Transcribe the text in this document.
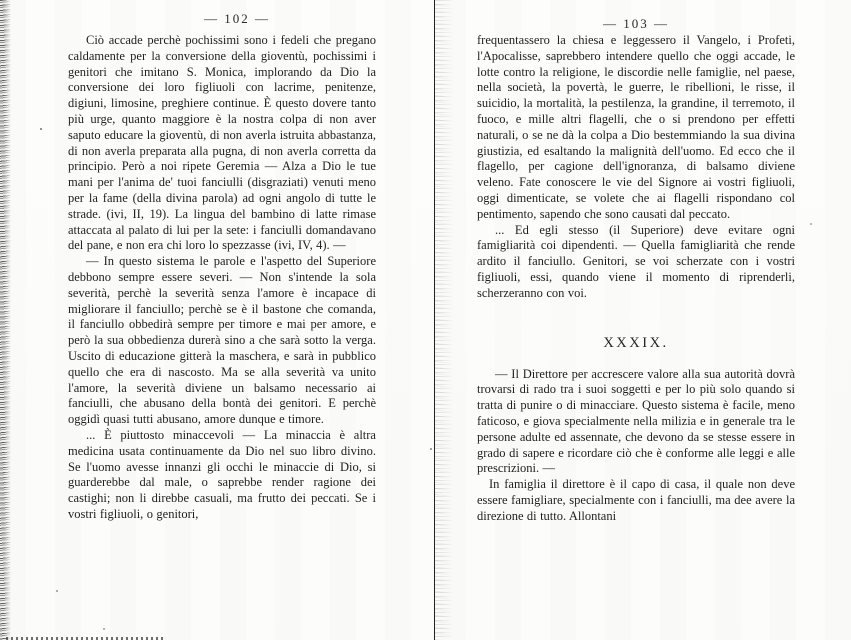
— 102 —

Ciò accade perchè pochissimi sono i fedeli che pregano caldamente per la conversione della gioventù, pochissimi i genitori che imitano S. Monica, implorando da Dio la conversione dei loro figliuoli con lacrime, penitenze, digiuni, limosine, preghiere continue. È questo dovere tanto più urge, quanto maggiore è la nostra colpa di non aver saputo educare la gioventù, di non averla istruita abbastanza, di non averla preparata alla pugna, di non averla corretta da principio. Però a noi ripete Geremia — Alza a Dio le tue mani per l'anima de' tuoi fanciulli (disgraziati) venuti meno per la fame (della divina parola) ad ogni angolo di tutte le strade. (ivi, II, 19). La lingua del bambino di latte rimase attaccata al palato di lui per la sete: i fanciulli domandavano del pane, e non era chi loro lo spezzasse (ivi, IV, 4). —

— In questo sistema le parole e l'aspetto del Superiore debbono sempre essere severi. — Non s'intende la sola severità, perchè la severità senza l'amore è incapace di migliorare il fanciullo; perchè se è il bastone che comanda, il fanciullo obbedirà sempre per timore e mai per amore, e però la sua obbedienza durerà sino a che sarà sotto la verga. Uscito di educazione gitterà la maschera, e sarà in pubblico quello che era di nascosto. Ma se alla severità va unito l'amore, la severità diviene un balsamo necessario ai fanciulli, che abusano della bontà dei genitori. E perchè oggidì quasi tutti abusano, amore dunque e timore.

... È piuttosto minaccevoli — La minaccia è altra medicina usata continuamente da Dio nel suo libro divino. Se l'uomo avesse innanzi gli occhi le minaccie di Dio, si guarderebbe dal male, o saprebbe render ragione dei castighi; non li direbbe casuali, ma frutto dei peccati. Se i vostri figliuoli, o genitori,

— 103 —

frequentassero la chiesa e leggessero il Vangelo, i Profeti, l'Apocalisse, saprebbero intendere quello che oggi accade, le lotte contro la religione, le discordie nelle famiglie, nel paese, nella società, la povertà, le guerre, le ribellioni, le risse, il suicidio, la mortalità, la pestilenza, la grandine, il terremoto, il fuoco, e mille altri flagelli, che o si prendono per effetti naturali, o se ne dà la colpa a Dio bestemmiando la sua divina giustizia, ed esaltando la malignità dell'uomo. Ed ecco che il flagello, per cagione dell'ignoranza, di balsamo diviene veleno. Fate conoscere le vie del Signore ai vostri figliuoli, oggi dimenticate, se volete che ai flagelli rispondano col pentimento, sapendo che sono causati dal peccato.

... Ed egli stesso (il Superiore) deve evitare ogni famigliarità coi dipendenti. — Quella famigliarità che rende ardito il fanciullo. Genitori, se voi scherzate con i vostri figliuoli, essi, quando viene il momento di riprenderli, scherzeranno con voi.

XXXIX.

— Il Direttore per accrescere valore alla sua autorità dovrà trovarsi di rado tra i suoi soggetti e per lo più solo quando si tratta di punire o di minacciare. Questo sistema è facile, meno faticoso, e giova specialmente nella milizia e in generale tra le persone adulte ed assennate, che devono da se stesse essere in grado di sapere e ricordare ciò che è conforme alle leggi e alle prescrizioni. —

In famiglia il direttore è il capo di casa, il quale non deve essere famigliare, specialmente con i fanciulli, ma dee avere la direzione di tutto. Allontani
